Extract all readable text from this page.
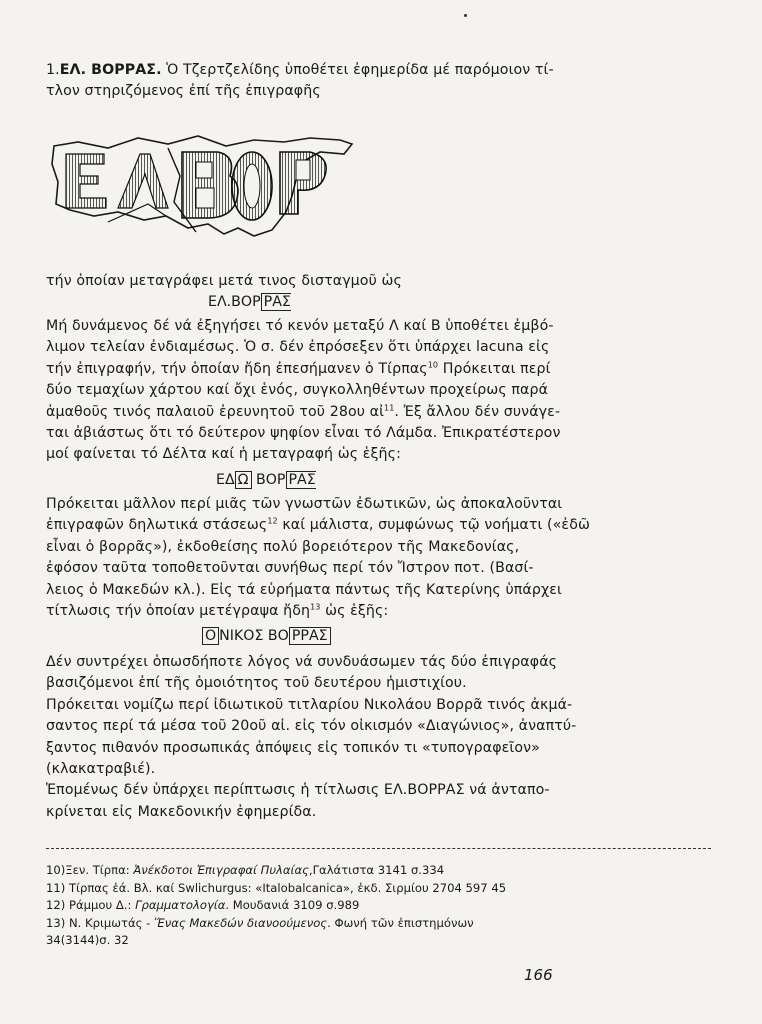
1.ΕΛ. ΒΟΡΡΑΣ. Ὁ Τζερτζελίδης ὑποθέτει ἐφημερίδα μέ παρόμοιον τί-
τλον στηριζόμενος ἐπί τῆς ἐπιγραφῆς

τήν ὁποίαν μεταγράφει μετά τινος δισταγμοῦ ὡς

ΕΛ.ΒΟΡ ΡΑΣ

Μή δυνάμενος δέ νά ἐξηγήσει τό κενόν μεταξύ Λ καί Β ὑποθέτει ἐμβό-
λιμον τελείαν ἐνδιαμέσως. Ὁ σ. δέν ἐπρόσεξεν ὅτι ὑπάρχει lacuna εἰς
τήν ἐπιγραφήν, τήν ὁποίαν ἤδη ἐπεσήμανεν ὁ Τίρπας$^{10}$ Πρόκειται περί
δύο τεμαχίων χάρτου καί ὄχι ἑνός, συγκολληθέντων προχείρως παρά
ἀμαθοῦς τινός παλαιοῦ ἐρευνητοῦ τοῦ 28ου αἰ$^{11}$. Ἐξ ἄλλου δέν συνάγε-
ται ἀβιάστως ὅτι τό δεύτερον ψηφίον εἶναι τό Λάμδα. Ἐπικρατέστερον
μοί φαίνεται τό Δέλτα καί ἡ μεταγραφή ὡς ἑξῆς:

ΕΔ Ω ΒΟΡ ΡΑΣ

Πρόκειται μᾶλλον περί μιᾶς τῶν γνωστῶν ἐδωτικῶν, ὡς ἀποκαλοῦνται
ἐπιγραφῶν δηλωτικά στάσεως$^{12}$ καί μάλιστα, συμφώνως τῷ νοήματι («ἐδῶ
εἶναι ὁ βορρᾶς»), ἐκδοθείσης πολύ βορειότερον τῆς Μακεδονίας,
ἐφόσον ταῦτα τοποθετοῦνται συνήθως περί τόν Ἴστρον ποτ. (Βασί-
λειος ὁ Μακεδών κλ.). Εἰς τά εὑρήματα πάντως τῆς Κατερίνης ὑπάρχει
τίτλωσις τήν ὁποίαν μετέγραψα ἤδη$^{13}$ ὡς ἑξῆς:

Ο ΝΙΚΟΣ ΒΟ ΡΡΑΣ

Δέν συντρέχει ὁπωσδήποτε λόγος νά συνδυάσωμεν τάς δύο ἐπιγραφάς
βασιζόμενοι ἐπί τῆς ὁμοιότητος τοῦ δευτέρου ἡμιστιχίου.
Πρόκειται νομίζω περί ἰδιωτικοῦ τιτλαρίου Νικολάου Βορρᾶ τινός ἀκμά-
σαντος περί τά μέσα τοῦ 20οῦ αἰ. εἰς τόν οἰκισμόν «Διαγώνιος», ἀναπτύ-
ξαντος πιθανόν προσωπικάς ἀπόψεις εἰς τοπικόν τι «τυπογραφεῖον»
(κλακατραβιέ).
Ἑπομένως δέν ὑπάρχει περίπτωσις ἡ τίτλωσις ΕΛ.ΒΟΡΡΑΣ νά ἀνταπο-
κρίνεται εἰς Μακεδονικήν ἐφημερίδα.

10)Ξεν. Τίρπα: Ἀνέκδοτοι Ἐπιγραφαί Πυλαίας,Γαλάτιστα 3141 σ.334
11) Τίρπας ἐά. Βλ. καί Swlichurgus: «Italobalcanica», ἐκδ. Σιρμίου 2704 597 45
12) Ράμμου Δ.: Γραμματολογία. Μουδανιά 3109 σ.989
13) Ν. Κριμωτάς - Ἕνας Μακεδών διανοούμενος. Φωνή τῶν ἐπιστημόνων
34(3144)σ. 32
166
